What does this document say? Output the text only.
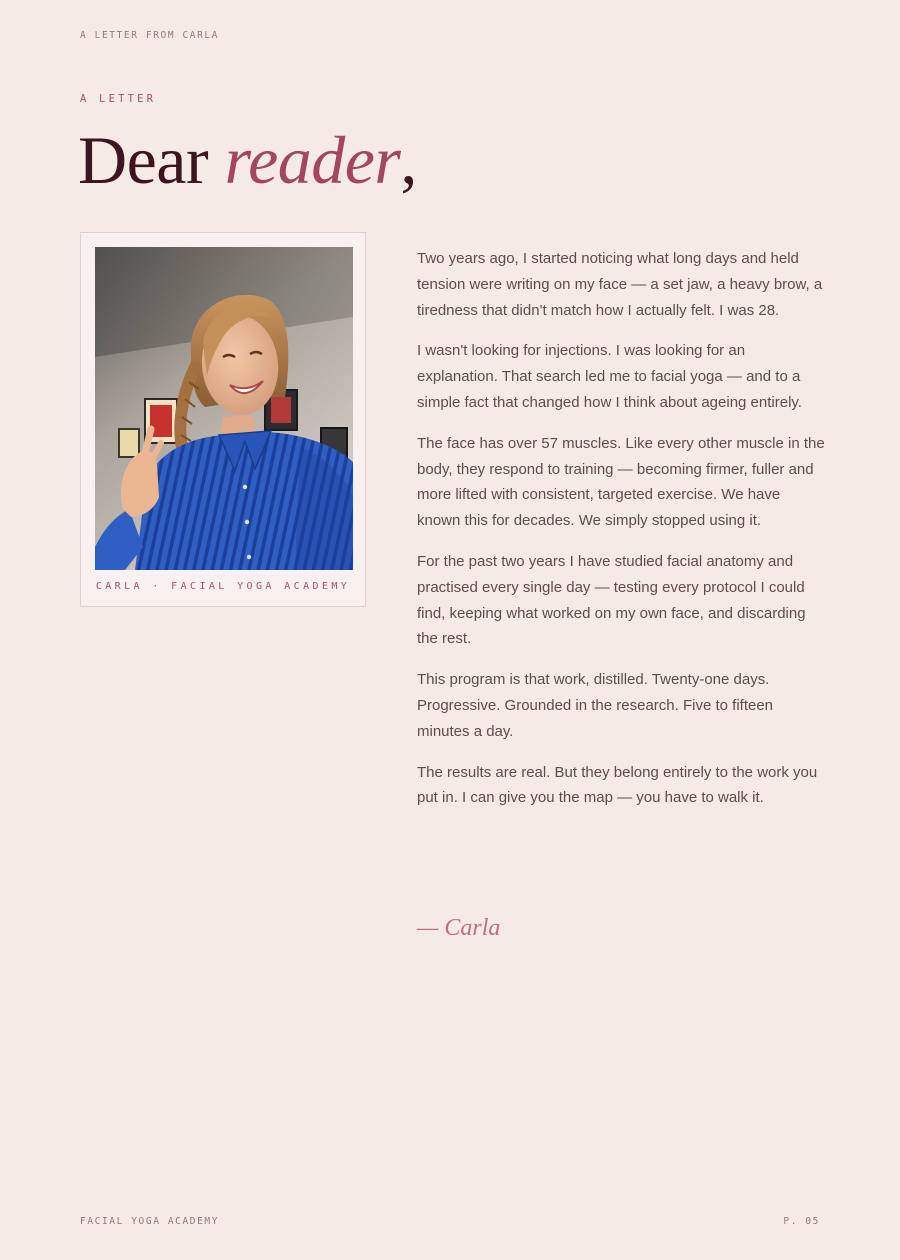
A LETTER FROM CARLA
A LETTER
Dear reader,
CARLA · FACIAL YOGA ACADEMY

Two years ago, I started noticing what long days and held tension were writing on my face — a set jaw, a heavy brow, a tiredness that didn't match how I actually felt. I was 28.

I wasn't looking for injections. I was looking for an explanation. That search led me to facial yoga — and to a simple fact that changed how I think about ageing entirely.

The face has over 57 muscles. Like every other muscle in the body, they respond to training — becoming firmer, fuller and more lifted with consistent, targeted exercise. We have known this for decades. We simply stopped using it.

For the past two years I have studied facial anatomy and practised every single day — testing every protocol I could find, keeping what worked on my own face, and discarding the rest.

This program is that work, distilled. Twenty-one days. Progressive. Grounded in the research. Five to fifteen minutes a day.

The results are real. But they belong entirely to the work you put in. I can give you the map — you have to walk it.

— Carla
FACIAL YOGA ACADEMY	P. 05
